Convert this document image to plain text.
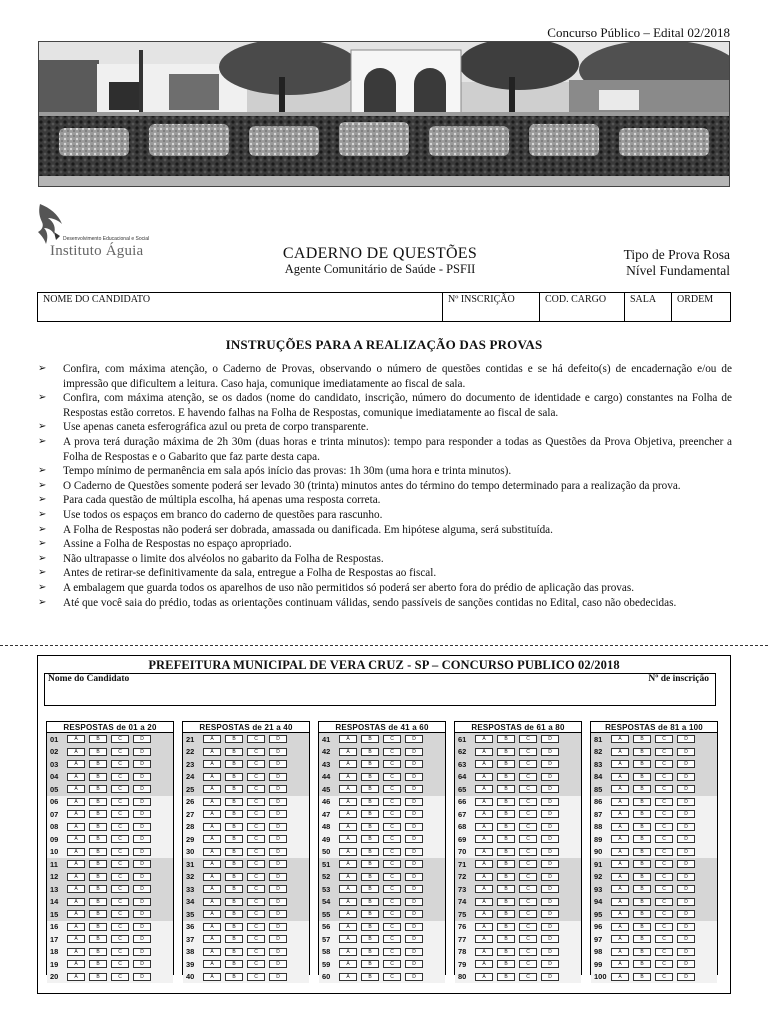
Concurso Público – Edital 02/2018
Desenvolvimento Educacional e Social
Instituto Águia	CADERNO DE QUESTÕES
Agente Comunitário de Saúde - PSFII
Tipo de Prova Rosa
Nível Fundamental
NOME DO CANDIDATO	Nº INSCRIÇÃO	COD. CARGO	SALA	ORDEM
INSTRUÇÕES PARA A REALIZAÇÃO DAS PROVAS
➢ Confira, com máxima atenção, o Caderno de Provas, observando o número de questões contidas e se há defeito(s) de encadernação e/ou de impressão que dificultem a leitura. Caso haja, comunique imediatamente ao fiscal de sala.
➢ Confira, com máxima atenção, se os dados (nome do candidato, inscrição, número do documento de identidade e cargo) constantes na Folha de Respostas estão corretos. E havendo falhas na Folha de Respostas, comunique imediatamente ao fiscal de sala.
➢ Use apenas caneta esferográfica azul ou preta de corpo transparente.
➢ A prova terá duração máxima de 2h 30m (duas horas e trinta minutos): tempo para responder a todas as Questões da Prova Objetiva, preencher a Folha de Respostas e o Gabarito que faz parte desta capa.
➢ Tempo mínimo de permanência em sala após início das provas: 1h 30m (uma hora e trinta minutos).
➢ O Caderno de Questões somente poderá ser levado 30 (trinta) minutos antes do término do tempo determinado para a realização da prova.
➢ Para cada questão de múltipla escolha, há apenas uma resposta correta.
➢ Use todos os espaços em branco do caderno de questões para rascunho.
➢ A Folha de Respostas não poderá ser dobrada, amassada ou danificada. Em hipótese alguma, será substituída.
➢ Assine a Folha de Respostas no espaço apropriado.
➢ Não ultrapasse o limite dos alvéolos no gabarito da Folha de Respostas.
➢ Antes de retirar-se definitivamente da sala, entregue a Folha de Respostas ao fiscal.
➢ A embalagem que guarda todos os aparelhos de uso não permitidos só poderá ser aberto fora do prédio de aplicação das provas.
➢ Até que você saia do prédio, todas as orientações continuam válidas, sendo passíveis de sanções contidas no Edital, caso não obedecidas.
PREFEITURA MUNICIPAL DE VERA CRUZ - SP – CONCURSO PUBLICO 02/2018
Nome do Candidato	Nº de inscrição
RESPOSTAS de 01 a 20
01	A	B	C	D
02	A	B	C	D
03	A	B	C	D
04	A	B	C	D
05	A	B	C	D
06	A	B	C	D
07	A	B	C	D
08	A	B	C	D
09	A	B	C	D
10	A	B	C	D
11	A	B	C	D
12	A	B	C	D
13	A	B	C	D
14	A	B	C	D
15	A	B	C	D
16	A	B	C	D
17	A	B	C	D
18	A	B	C	D
19	A	B	C	D
20	A	B	C	D
RESPOSTAS de 21 a 40
21	A	B	C	D
22	A	B	C	D
23	A	B	C	D
24	A	B	C	D
25	A	B	C	D
26	A	B	C	D
27	A	B	C	D
28	A	B	C	D
29	A	B	C	D
30	A	B	C	D
31	A	B	C	D
32	A	B	C	D
33	A	B	C	D
34	A	B	C	D
35	A	B	C	D
36	A	B	C	D
37	A	B	C	D
38	A	B	C	D
39	A	B	C	D
40	A	B	C	D
RESPOSTAS de 41 a 60
41	A	B	C	D
42	A	B	C	D
43	A	B	C	D
44	A	B	C	D
45	A	B	C	D
46	A	B	C	D
47	A	B	C	D
48	A	B	C	D
49	A	B	C	D
50	A	B	C	D
51	A	B	C	D
52	A	B	C	D
53	A	B	C	D
54	A	B	C	D
55	A	B	C	D
56	A	B	C	D
57	A	B	C	D
58	A	B	C	D
59	A	B	C	D
60	A	B	C	D
RESPOSTAS de 61 a 80
61	A	B	C	D
62	A	B	C	D
63	A	B	C	D
64	A	B	C	D
65	A	B	C	D
66	A	B	C	D
67	A	B	C	D
68	A	B	C	D
69	A	B	C	D
70	A	B	C	D
71	A	B	C	D
72	A	B	C	D
73	A	B	C	D
74	A	B	C	D
75	A	B	C	D
76	A	B	C	D
77	A	B	C	D
78	A	B	C	D
79	A	B	C	D
80	A	B	C	D
RESPOSTAS de 81 a 100
81	A	B	C	D
82	A	B	C	D
83	A	B	C	D
84	A	B	C	D
85	A	B	C	D
86	A	B	C	D
87	A	B	C	D
88	A	B	C	D
89	A	B	C	D
90	A	B	C	D
91	A	B	C	D
92	A	B	C	D
93	A	B	C	D
94	A	B	C	D
95	A	B	C	D
96	A	B	C	D
97	A	B	C	D
98	A	B	C	D
99	A	B	C	D
100	A	B	C	D
